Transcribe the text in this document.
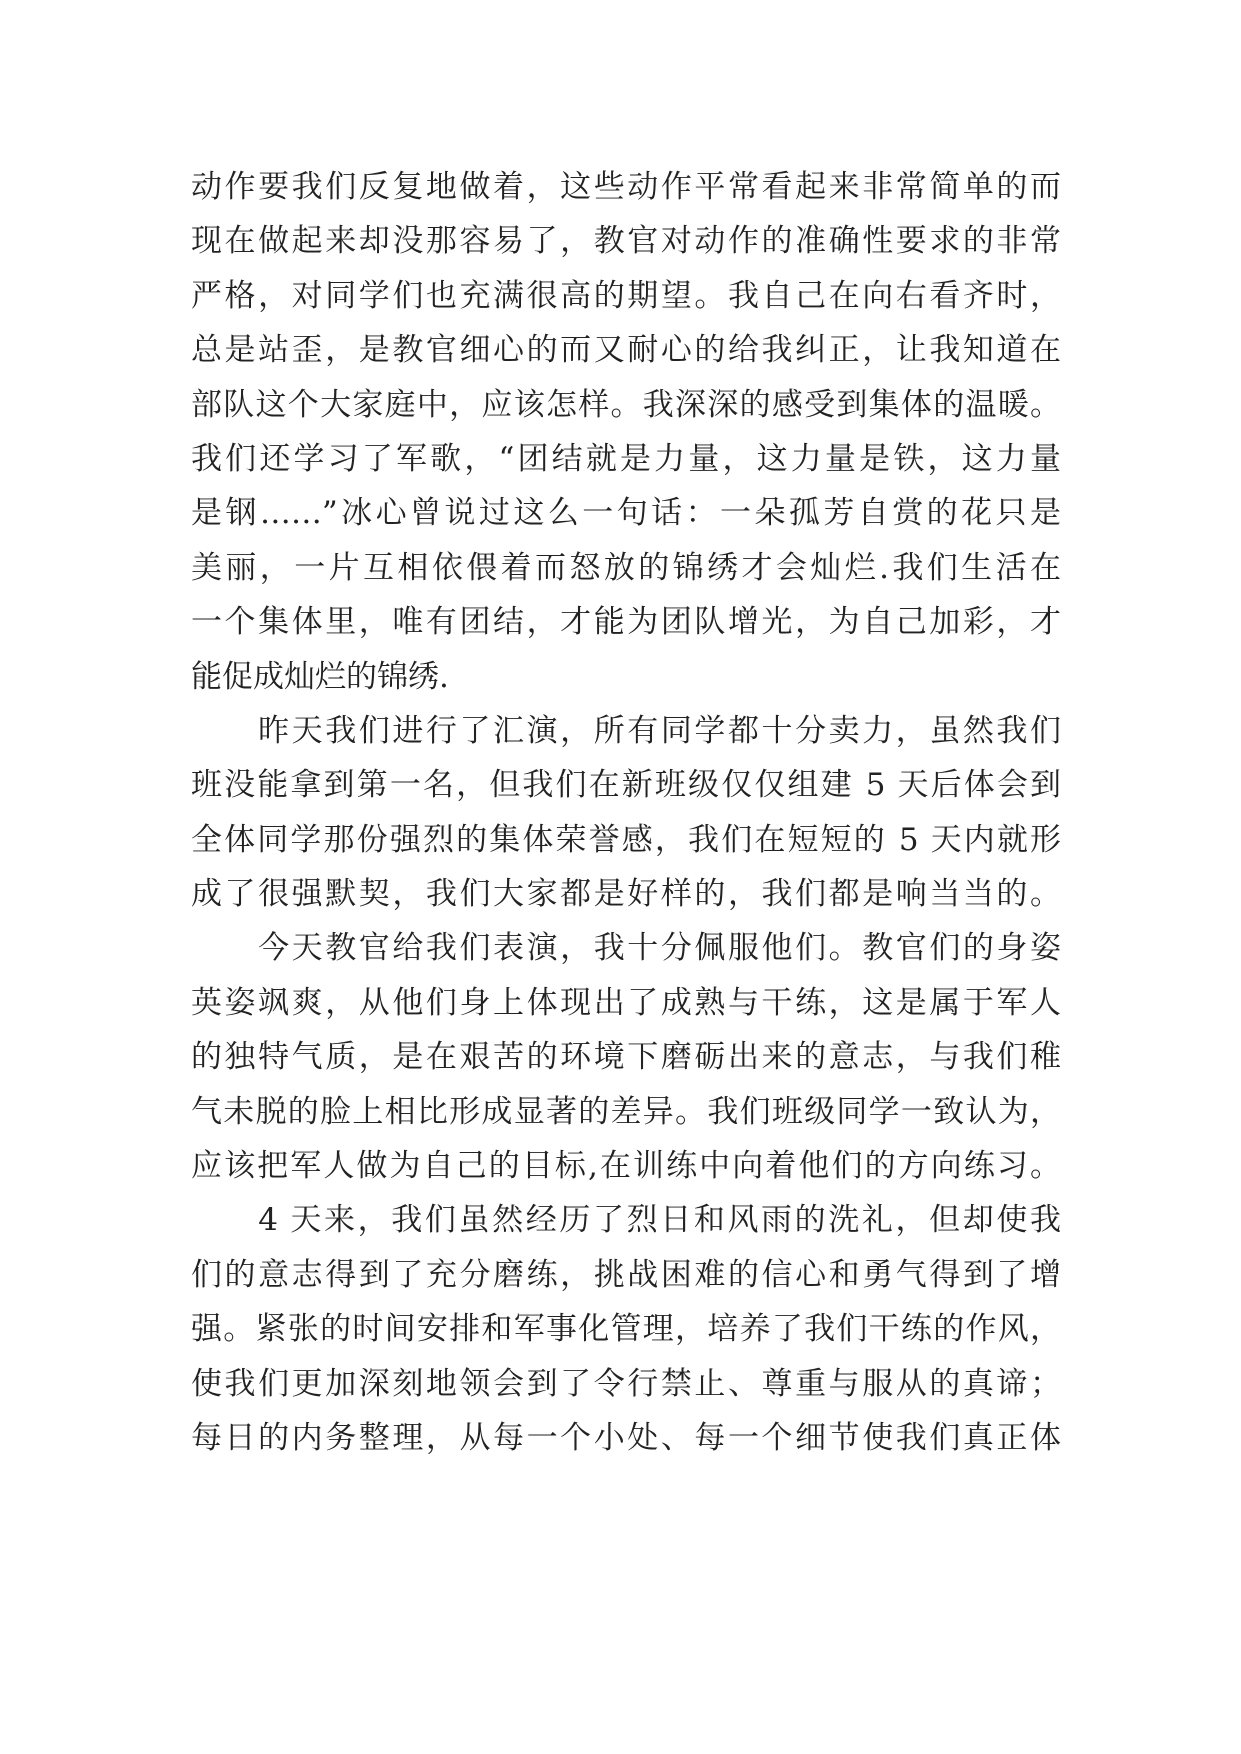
动作要我们反复地做着，这些动作平常看起来非常简单的而
现在做起来却没那容易了，教官对动作的准确性要求的非常
严格，对同学们也充满很高的期望。我自己在向右看齐时，
总是站歪，是教官细心的而又耐心的给我纠正，让我知道在
部队这个大家庭中，应该怎样。我深深的感受到集体的温暖。
我们还学习了军歌，“团结就是力量，这力量是铁，这力量
是钢……”冰心曾说过这么一句话：一朵孤芳自赏的花只是
美丽，一片互相依偎着而怒放的锦绣才会灿烂.我们生活在
一个集体里，唯有团结，才能为团队增光，为自己加彩，才
能促成灿烂的锦绣.
　　昨天我们进行了汇演，所有同学都十分卖力，虽然我们
班没能拿到第一名，但我们在新班级仅仅组建 5 天后体会到
全体同学那份强烈的集体荣誉感，我们在短短的 5 天内就形
成了很强默契，我们大家都是好样的，我们都是响当当的。
　　今天教官给我们表演，我十分佩服他们。教官们的身姿
英姿飒爽，从他们身上体现出了成熟与干练，这是属于军人
的独特气质，是在艰苦的环境下磨砺出来的意志，与我们稚
气未脱的脸上相比形成显著的差异。我们班级同学一致认为，
应该把军人做为自己的目标,在训练中向着他们的方向练习。
　　4 天来，我们虽然经历了烈日和风雨的洗礼，但却使我
们的意志得到了充分磨练，挑战困难的信心和勇气得到了增
强。紧张的时间安排和军事化管理，培养了我们干练的作风，
使我们更加深刻地领会到了令行禁止、尊重与服从的真谛；
每日的内务整理，从每一个小处、每一个细节使我们真正体
